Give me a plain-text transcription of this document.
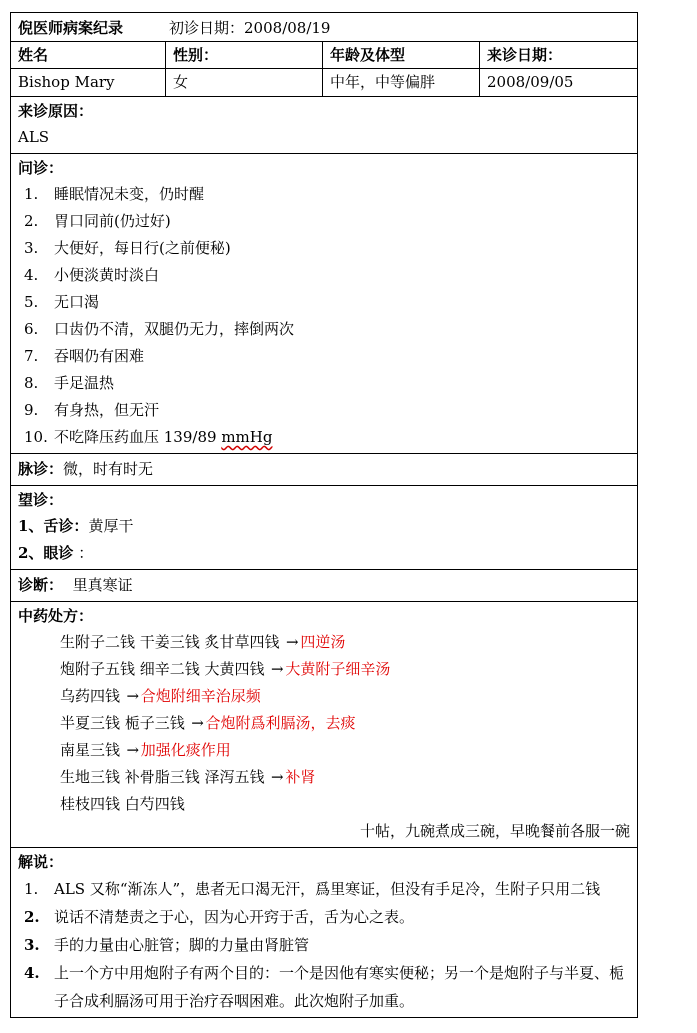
倪医师病案纪录	初诊日期：2008/08/19
姓名	性别：	年龄及体型	来诊日期：
Bishop Mary	女	中年，中等偏胖	2008/09/05
来诊原因：
ALS
问诊：
1. 睡眠情况未变，仍时醒
2. 胃口同前(仍过好)
3. 大便好，每日行(之前便秘)
4. 小便淡黄时淡白
5. 无口渴
6. 口齿仍不清，双腿仍无力，摔倒两次
7. 吞咽仍有困难
8. 手足温热
9. 有身热，但无汗
10. 不吃降压药血压 139/89 mmHg
脉诊：微，时有时无
望诊：
1、舌诊：黄厚干
2、眼诊 ：
诊断： 里真寒证
中药处方：
生附子二钱 干姜三钱 炙甘草四钱 → 四逆汤
炮附子五钱 细辛二钱 大黄四钱 → 大黄附子细辛汤
乌药四钱 → 合炮附细辛治尿频
半夏三钱 栀子三钱 → 合炮附爲利膈汤，去痰
南星三钱 → 加强化痰作用
生地三钱 补骨脂三钱 泽泻五钱 → 补肾
桂枝四钱 白芍四钱
十帖，九碗煮成三碗，早晚餐前各服一碗
解说：
1.	ALS 又称“渐冻人”，患者无口渴无汗，爲里寒证，但没有手足冷，生附子只用二钱
2. 说话不清楚责之于心，因为心开窍于舌，舌为心之表。
3. 手的力量由心脏管；脚的力量由肾脏管
4. 上一个方中用炮附子有两个目的：一个是因他有寒实便秘；另一个是炮附子与半夏、栀子合成利膈汤可用于治疗吞咽困难。此次炮附子加重。
